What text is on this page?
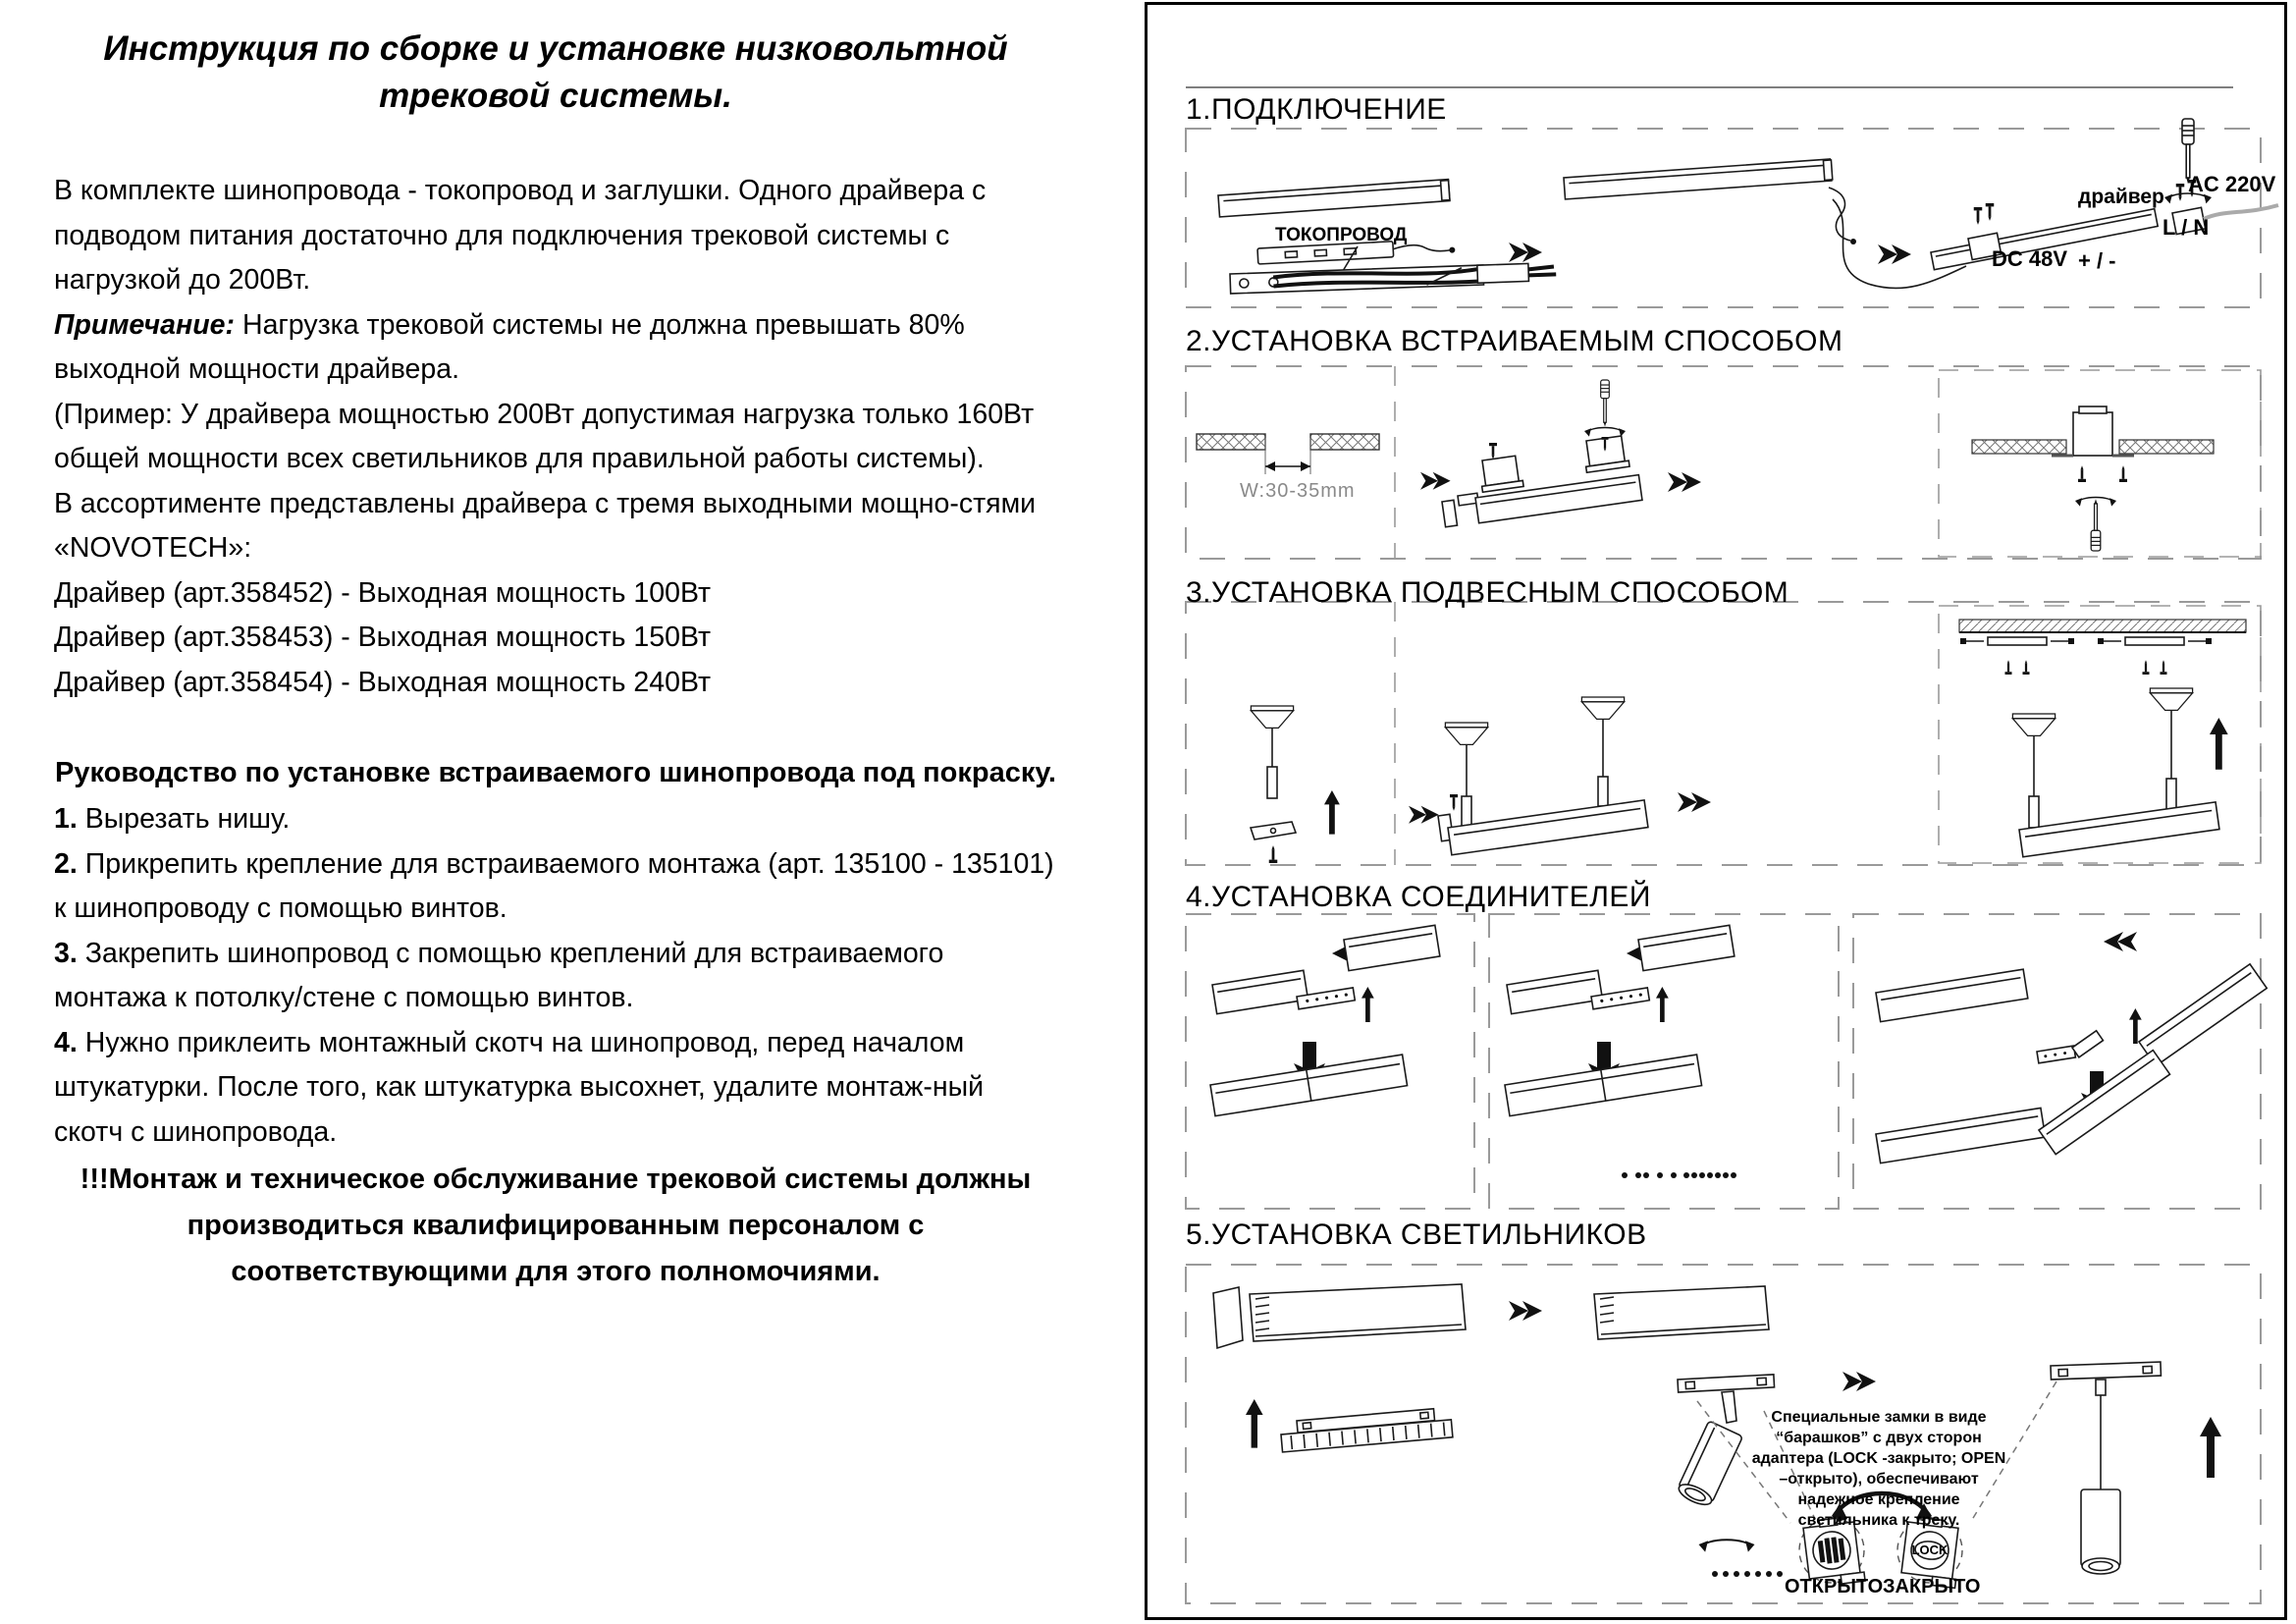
Инструкция по сборке и установке низковольтной трековой системы.

В комплекте шинопровода - токопровод и заглушки. Одного драйвера с подводом питания достаточно для подключения трековой системы с нагрузкой до 200Вт.

Примечание: Нагрузка трековой системы не должна превышать 80% выходной мощности драйвера.

(Пример: У драйвера мощностью 200Вт допустимая нагрузка только 160Вт общей мощности всех светильников для правильной работы системы).

В ассортименте представлены драйвера с тремя выходными мощно-стями «NOVOTECH»:

Драйвер (арт.358452) - Выходная мощность 100Вт

Драйвер (арт.358453) - Выходная мощность 150Вт

Драйвер (арт.358454) - Выходная мощность 240Вт

Руководство по установке встраиваемого шинопровода под покраску.

1. Вырезать нишу.

2. Прикрепить крепление для встраиваемого монтажа (арт. 135100 - 135101) к шинопроводу с помощью винтов.

3. Закрепить шинопровод с помощью креплений для встраиваемого монтажа к потолку/стене с помощью винтов.

4. Нужно приклеить монтажный скотч на шинопровод, перед началом штукатурки. После того, как штукатурка высохнет, удалите монтаж-ный скотч с шинопровода.

!!!Монтаж и техническое обслуживание трековой системы должны производиться квалифицированным персоналом с соответствующими для этого полномочиями.

1.ПОДКЛЮЧЕНИЕ
2.УСТАНОВКА ВСТРАИВАЕМЫМ СПОСОБОМ
3.УСТАНОВКА ПОДВЕСНЫМ СПОСОБОМ
4.УСТАНОВКА СОЕДИНИТЕЛЕЙ
5.УСТАНОВКА СВЕТИЛЬНИКОВ
ТОКОПРОВОД
драйвер
AC 220V
L / N
DC 48V + / -
W:30-35mm
Специальные замки в виде “барашков” с двух сторон адаптера (LOCK -закрыто; OPEN –открыто), обеспечивают надежное крепление светильника к треку.
LOCK
ОТКРЫТО ЗАКРЫТО
